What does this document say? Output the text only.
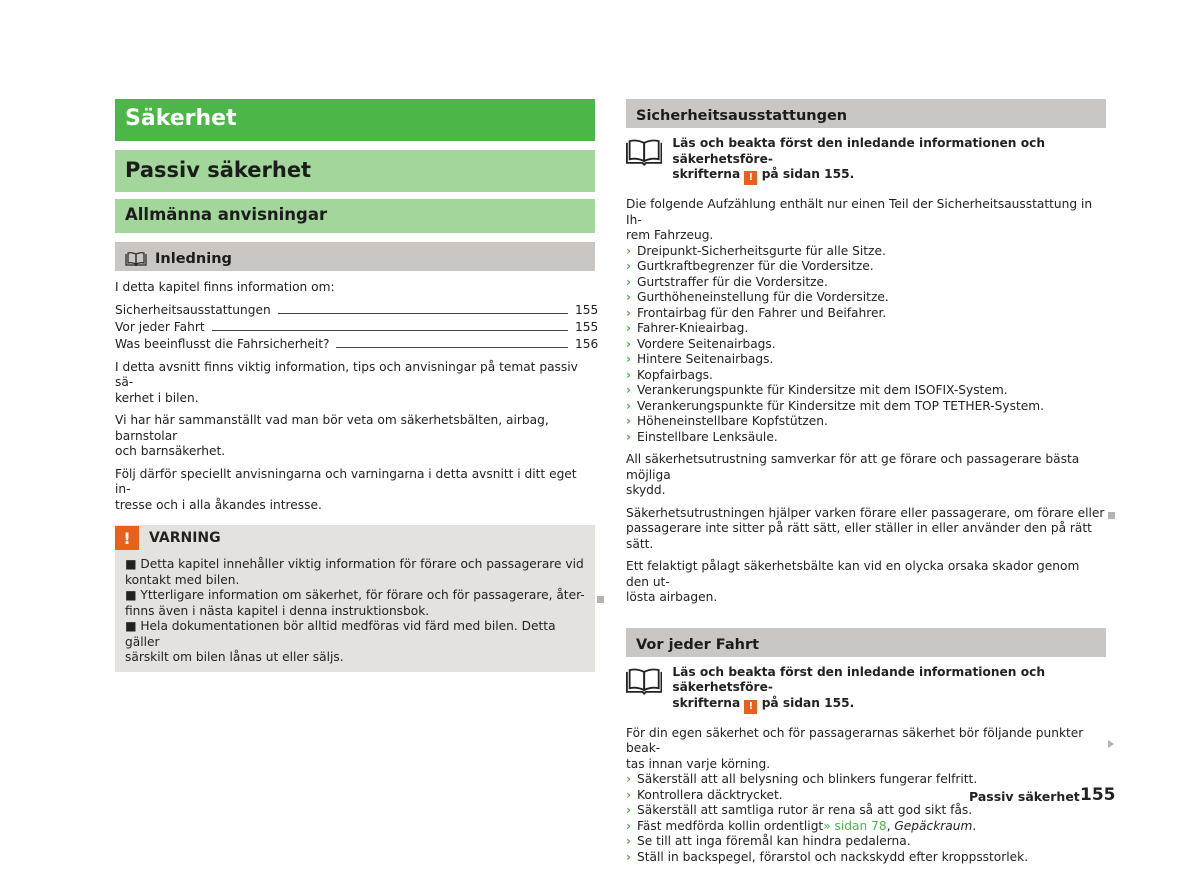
Säkerhet
Passiv säkerhet
Allmänna anvisningar
Inledning
I detta kapitel finns information om:
Sicherheitsausstattungen	155
Vor jeder Fahrt	155
Was beeinflusst die Fahrsicherheit?	156
I detta avsnitt finns viktig information, tips och anvisningar på temat passiv sä-
kerhet i bilen.
Vi har här sammanställt vad man bör veta om säkerhetsbälten, airbag, barnstolar
och barnsäkerhet.
Följ därför speciellt anvisningarna och varningarna i detta avsnitt i ditt eget in-
tresse och i alla åkandes intresse.
!	VARNING
■ Detta kapitel innehåller viktig information för förare och passagerare vid
kontakt med bilen.
■ Ytterligare information om säkerhet, för förare och för passagerare, åter-
finns även i nästa kapitel i denna instruktionsbok.
■ Hela dokumentationen bör alltid medföras vid färd med bilen. Detta gäller
särskilt om bilen lånas ut eller säljs.
Sicherheitsausstattungen
Läs och beakta först den inledande informationen och säkerhetsföre-
skrifterna ! på sidan 155.
Die folgende Aufzählung enthält nur einen Teil der Sicherheitsausstattung in Ih-
rem Fahrzeug.
› Dreipunkt-Sicherheitsgurte für alle Sitze.
› Gurtkraftbegrenzer für die Vordersitze.
› Gurtstraffer für die Vordersitze.
› Gurthöheneinstellung für die Vordersitze.
› Frontairbag für den Fahrer und Beifahrer.
› Fahrer-Knieairbag.
› Vordere Seitenairbags.
› Hintere Seitenairbags.
› Kopfairbags.
› Verankerungspunkte für Kindersitze mit dem ISOFIX-System.
› Verankerungspunkte für Kindersitze mit dem TOP TETHER-System.
› Höheneinstellbare Kopfstützen.
› Einstellbare Lenksäule.
All säkerhetsutrustning samverkar för att ge förare och passagerare bästa möjliga
skydd.
Säkerhetsutrustningen hjälper varken förare eller passagerare, om förare eller
passagerare inte sitter på rätt sätt, eller ställer in eller använder den på rätt sätt.
Ett felaktigt pålagt säkerhetsbälte kan vid en olycka orsaka skador genom den ut-
lösta airbagen.
Vor jeder Fahrt
Läs och beakta först den inledande informationen och säkerhetsföre-
skrifterna ! på sidan 155.
För din egen säkerhet och för passagerarnas säkerhet bör följande punkter beak-
tas innan varje körning.
› Säkerställ att all belysning och blinkers fungerar felfritt.
› Kontrollera däcktrycket.
› Säkerställ att samtliga rutor är rena så att god sikt fås.
› Fäst medförda kollin ordentligt» sidan 78, Gepäckraum.
› Se till att inga föremål kan hindra pedalerna.
› Ställ in backspegel, förarstol och nackskydd efter kroppsstorlek.
Passiv säkerhet 155
